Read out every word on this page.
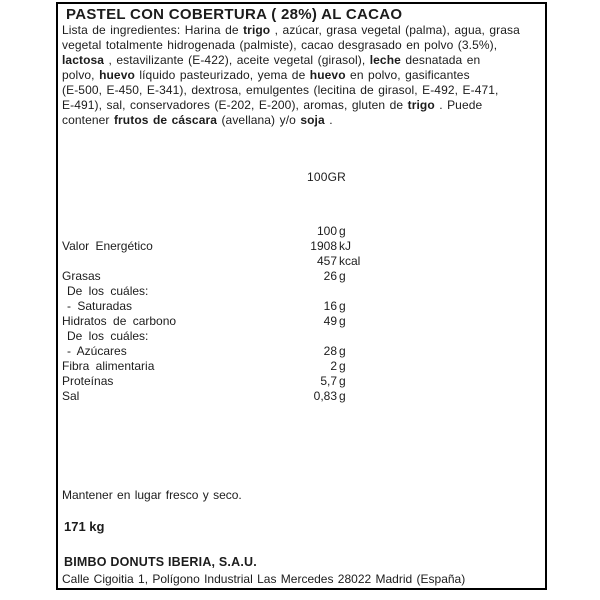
PASTEL CON COBERTURA ( 28%) AL CACAO
Lista de ingredientes: Harina de trigo , azúcar, grasa vegetal (palma), agua, grasa
vegetal totalmente hidrogenada (palmiste), cacao desgrasado en polvo (3.5%),
lactosa , estavilizante (E-422), aceite vegetal (girasol), leche desnatada en
polvo, huevo líquido pasteurizado, yema de huevo en polvo, gasificantes
(E-500, E-450, E-341), dextrosa, emulgentes (lecitina de girasol, E-492, E-471,
E-491), sal, conservadores (E-202, E-200), aromas, gluten de trigo . Puede
contener frutos de cáscara (avellana) y/o soja .
100GR
100 g
Valor Energético	1908 kJ
457 kcal
Grasas	26 g
De los cuáles:
- Saturadas	16 g
Hidratos de carbono	49 g
De los cuáles:
- Azúcares	28 g
Fibra alimentaria	2 g
Proteínas	5,7 g
Sal	0,83 g
Mantener en lugar fresco y seco.
171 kg
BIMBO DONUTS IBERIA, S.A.U.
Calle Cigoitia 1, Polígono Industrial Las Mercedes 28022 Madrid (España)
